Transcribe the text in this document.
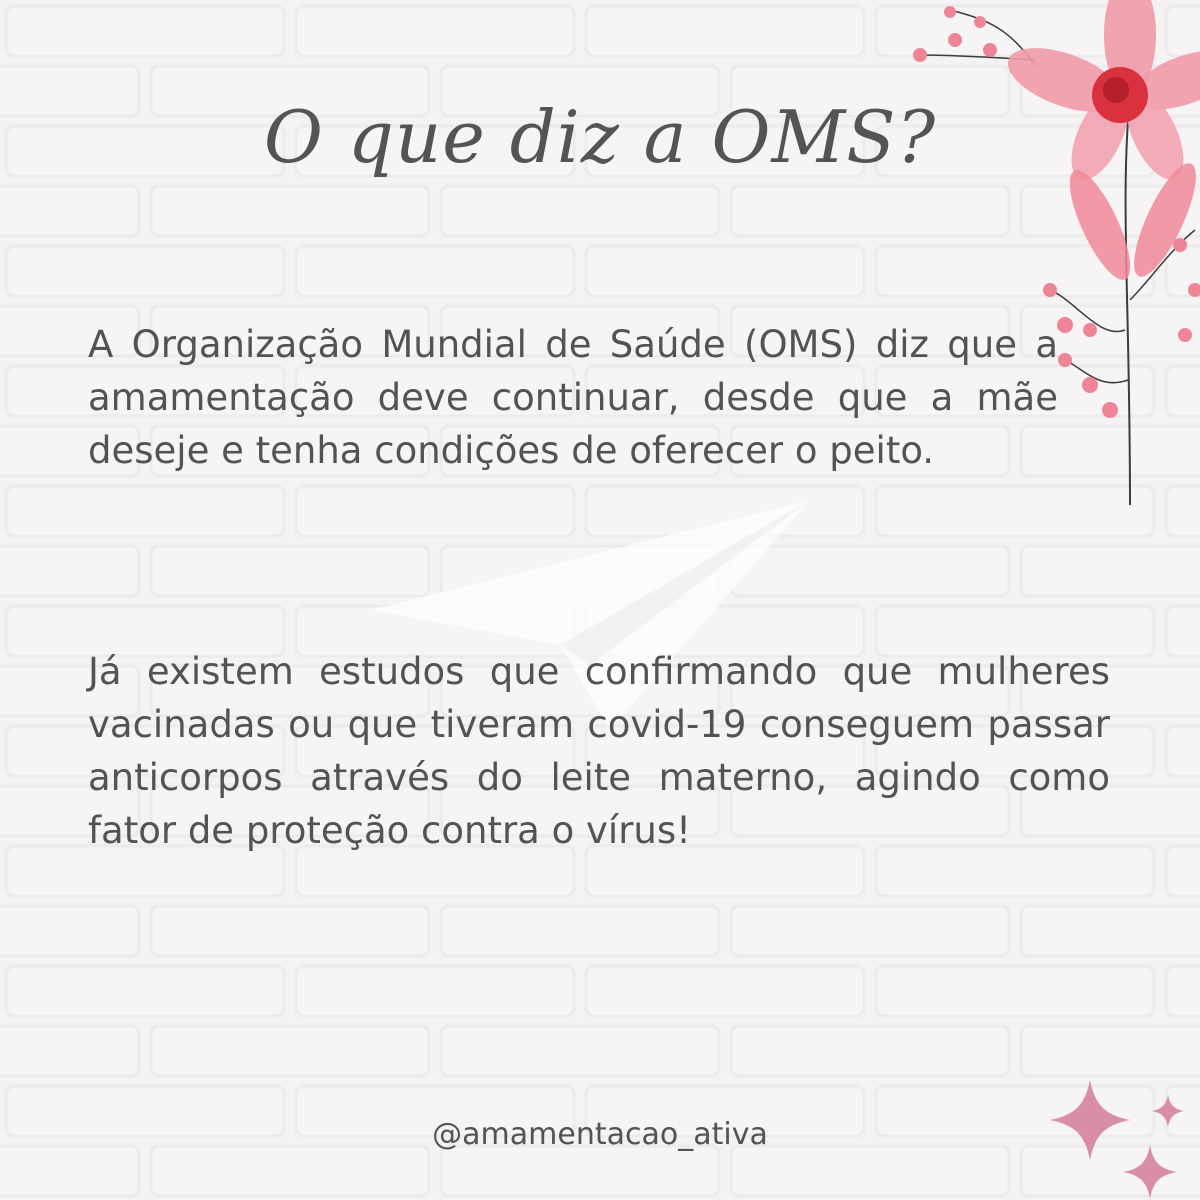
O que diz a OMS?

A Organização Mundial de Saúde (OMS) diz que a amamentação deve continuar, desde que a mãe deseje e tenha condições de oferecer o peito.

Já existem estudos que confirmando que mulheres vacinadas ou que tiveram covid-19 conseguem passar anticorpos através do leite materno, agindo como fator de proteção contra o vírus!

@amamentacao_ativa
